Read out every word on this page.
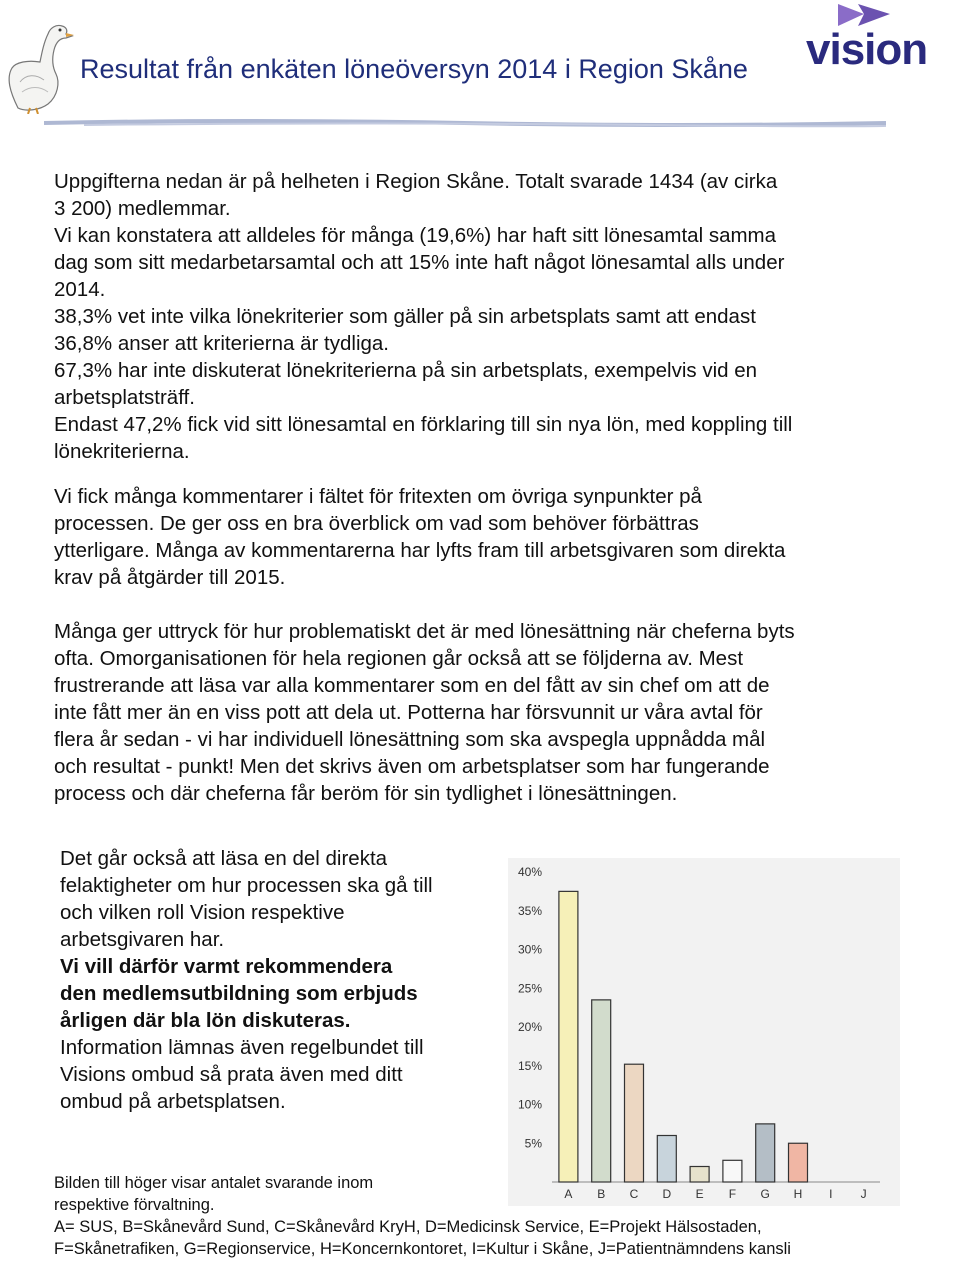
vision
Resultat från enkäten löneöversyn 2014 i Region Skåne

Uppgifterna nedan är på helheten i Region Skåne. Totalt svarade 1434 (av cirka

3 200) medlemmar.

Vi kan konstatera att alldeles för många (19,6%) har haft sitt lönesamtal samma

dag som sitt medarbetarsamtal och att 15% inte haft något lönesamtal alls under

2014.

38,3% vet inte vilka lönekriterier som gäller på sin arbetsplats samt att endast

36,8% anser att kriterierna är tydliga.

67,3% har inte diskuterat lönekriterierna på sin arbetsplats, exempelvis vid en

arbetsplatsträff.

Endast 47,2% fick vid sitt lönesamtal en förklaring till sin nya lön, med koppling till

lönekriterierna.

Vi fick många kommentarer i fältet för fritexten om övriga synpunkter på

processen. De ger oss en bra överblick om vad som behöver förbättras

ytterligare. Många av kommentarerna har lyfts fram till arbetsgivaren som direkta

krav på åtgärder till 2015.

Många ger uttryck för hur problematiskt det är med lönesättning när cheferna byts

ofta. Omorganisationen för hela regionen går också att se följderna av. Mest

frustrerande att läsa var alla kommentarer som en del fått av sin chef om att de

inte fått mer än en viss pott att dela ut. Potterna har försvunnit ur våra avtal för

flera år sedan - vi har individuell lönesättning som ska avspegla uppnådda mål

och resultat - punkt! Men det skrivs även om arbetsplatser som har fungerande

process och där cheferna får beröm för sin tydlighet i lönesättningen.

Det går också att läsa en del direkta

felaktigheter om hur processen ska gå till

och vilken roll Vision respektive

arbetsgivaren har.

Vi vill därför varmt rekommendera

den medlemsutbildning som erbjuds

årligen där bla lön diskuteras.

Information lämnas även regelbundet till

Visions ombud så prata även med ditt

ombud på arbetsplatsen.

5%
10%
15%
20%
25%
30%
35%
40%
A B C D E F G H I J
Bilden till höger visar antalet svarande inom
respektive förvaltning.
A= SUS, B=Skånevård Sund, C=Skånevård KryH, D=Medicinsk Service, E=Projekt Hälsostaden,
F=Skånetrafiken, G=Regionservice, H=Koncernkontoret, I=Kultur i Skåne, J=Patientnämndens kansli
